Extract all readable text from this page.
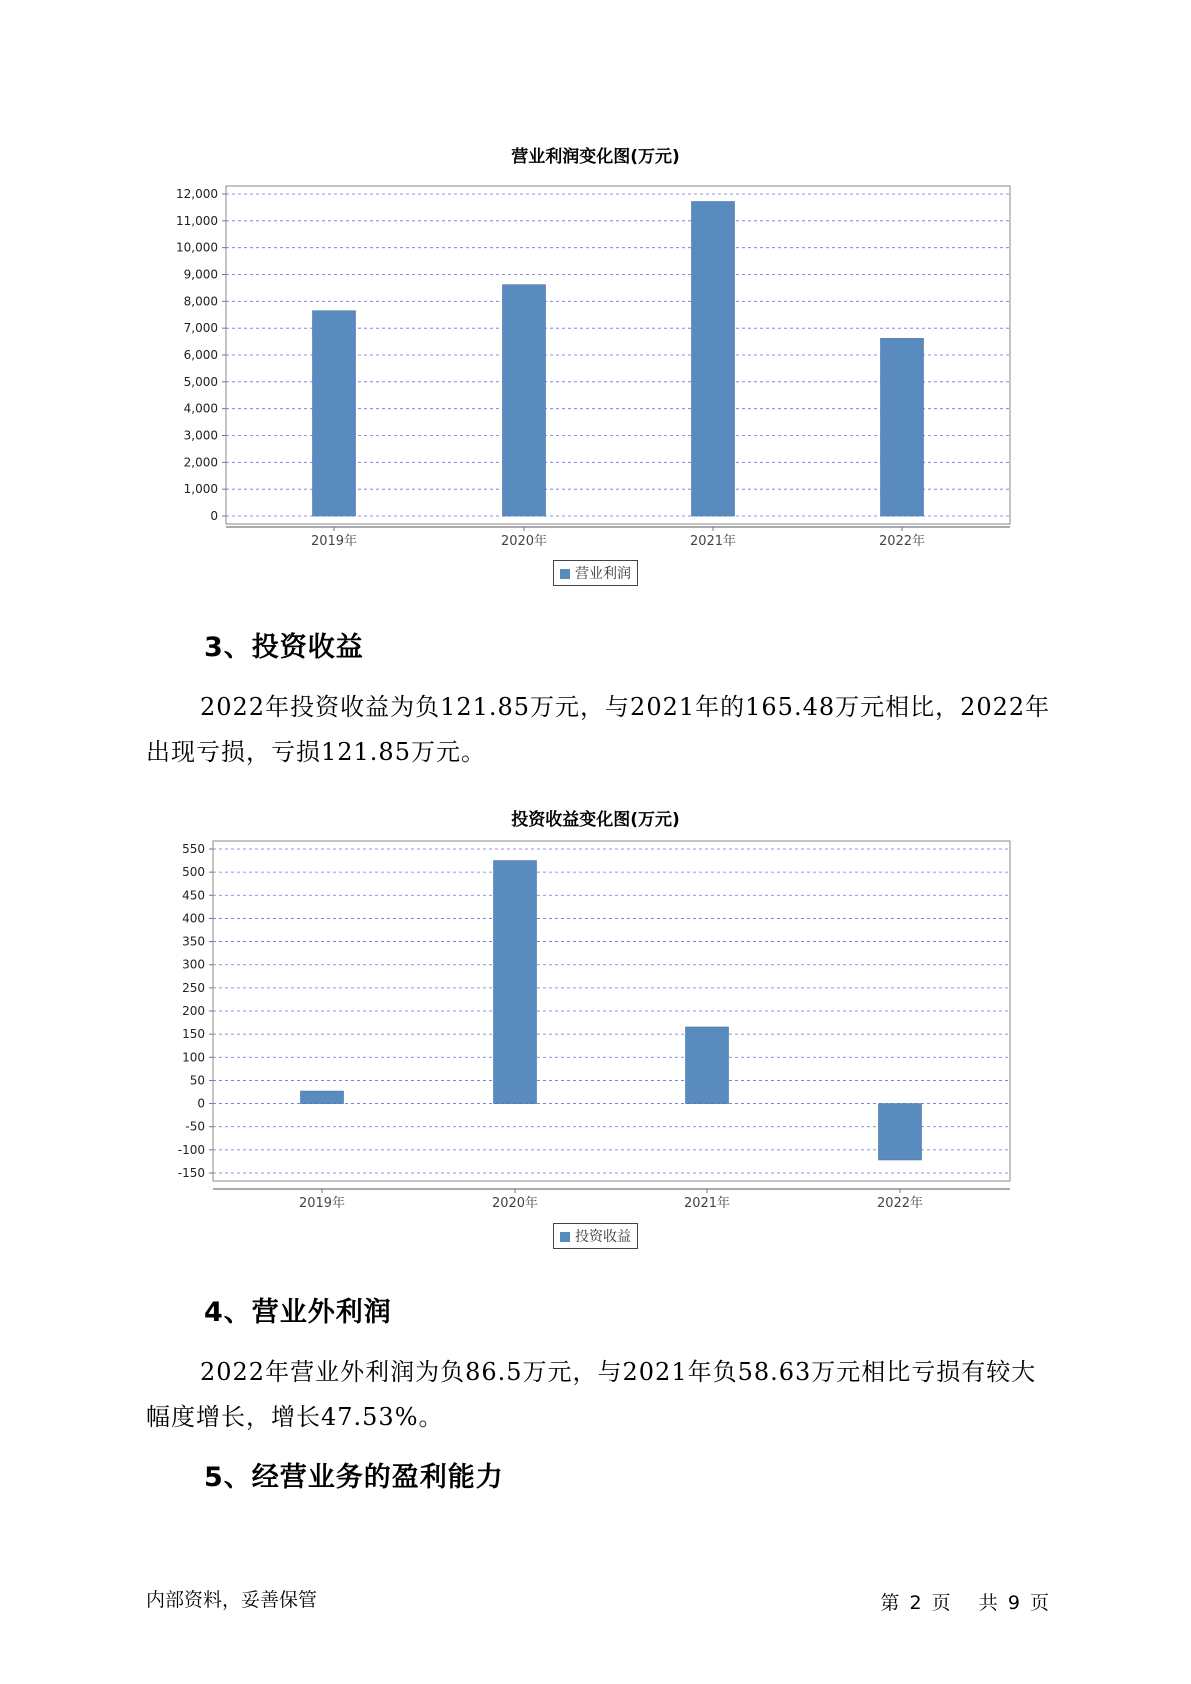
营业利润变化图(万元)
0
1,000
2,000
3,000
4,000
5,000
6,000
7,000
8,000
9,000
10,000
11,000
12,000
2019年	2020年	2021年	2022年
营业利润
3、投资收益
2022年投资收益为负121.85万元，与2021年的165.48万元相比，2022年出现亏损，亏损121.85万元。
投资收益变化图(万元)
-150
-100
-50
0
50
100
150
200
250
300
350
400
450
500
550
2019年	2020年	2021年	2022年
投资收益
4、营业外利润
2022年营业外利润为负86.5万元，与2021年负58.63万元相比亏损有较大幅度增长，增长47.53%。
5、经营业务的盈利能力
内部资料，妥善保管	第 2 页 共 9 页
